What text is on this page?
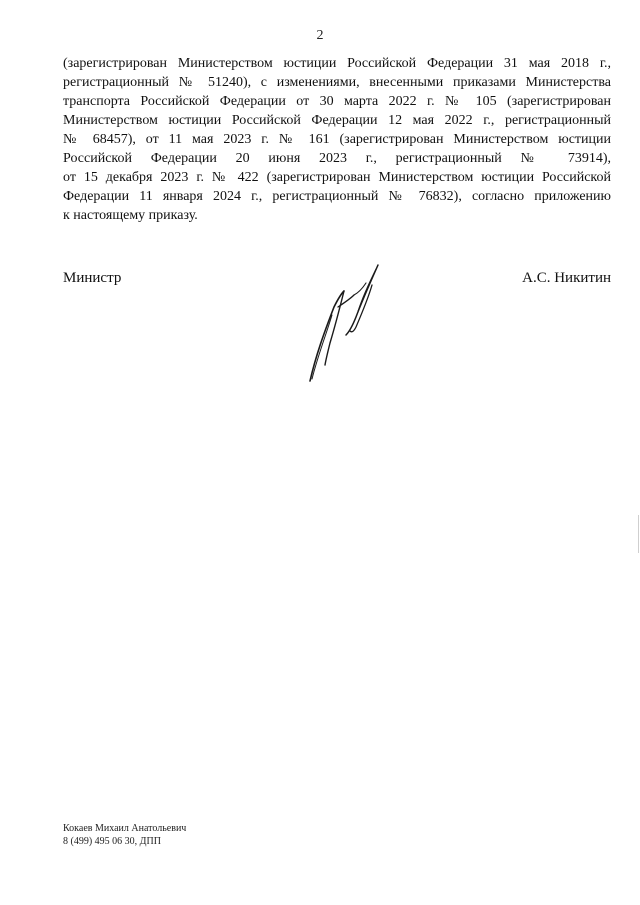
2
(зарегистрирован Министерством юстиции Российской Федерации 31 мая 2018 г.,
регистрационный № 51240), с изменениями, внесенными приказами Министерства
транспорта Российской Федерации от 30 марта 2022 г. № 105 (зарегистрирован
Министерством юстиции Российской Федерации 12 мая 2022 г., регистрационный
№ 68457), от 11 мая 2023 г. № 161 (зарегистрирован Министерством юстиции
Российской Федерации 20 июня 2023 г., регистрационный № 73914),
от 15 декабря 2023 г. № 422 (зарегистрирован Министерством юстиции Российской
Федерации 11 января 2024 г., регистрационный № 76832), согласно приложению
к настоящему приказу.
Министр	А.С. Никитин
Кокаев Михаил Анатольевич
8 (499) 495 06 30, ДПП
